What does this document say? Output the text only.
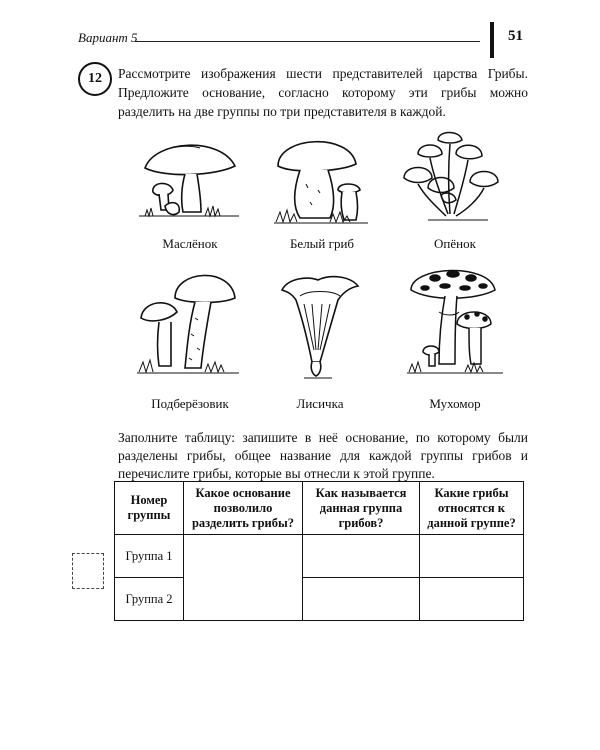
Вариант 5	51
12	Рассмотрите изображения шести представителей царства Грибы. Предложите основание, согласно которому эти грибы можно разделить на две группы по три представителя в каждой.
Маслёнок	Белый гриб	Опёнок
Подберёзовик	Лисичка	Мухомор
Заполните таблицу: запишите в неё основание, по которому были разделены грибы, общее название для каждой группы грибов и перечислите грибы, которые вы отнесли к этой группе.
Номер группы	Какое основание позволило разделить грибы?	Как называется данная группа грибов?	Какие грибы относятся к данной группе?
Группа 1			
Группа 2			
